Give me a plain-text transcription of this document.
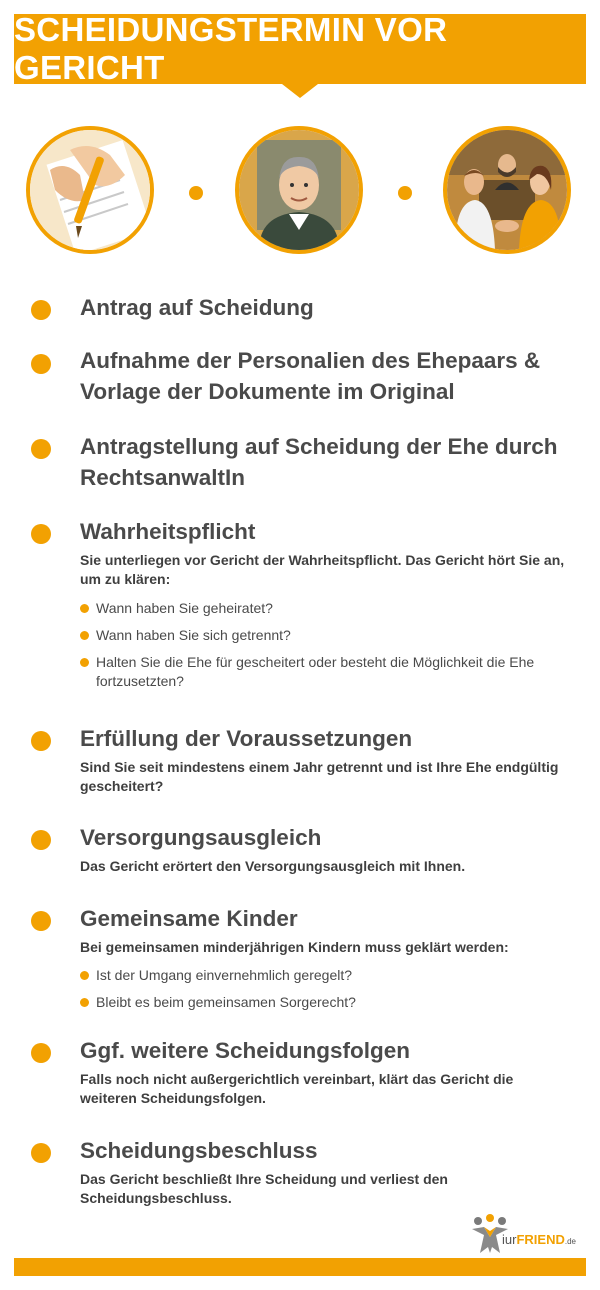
SCHEIDUNGSTERMIN VOR GERICHT
Antrag auf Scheidung
Aufnahme der Personalien des Ehepaars & Vorlage der Dokumente im Original
Antragstellung auf Scheidung der Ehe durch RechtsanwaltIn
Wahrheitspflicht
Sie unterliegen vor Gericht der Wahrheitspflicht. Das Gericht hört Sie an, um zu klären:
Wann haben Sie geheiratet?
Wann haben Sie sich getrennt?
Halten Sie die Ehe für gescheitert oder besteht die Möglichkeit die Ehe fortzusetzten?
Erfüllung der Voraussetzungen
Sind Sie seit mindestens einem Jahr getrennt und ist Ihre Ehe endgültig gescheitert?
Versorgungsausgleich
Das Gericht erörtert den Versorgungsausgleich mit Ihnen.
Gemeinsame Kinder
Bei gemeinsamen minderjährigen Kindern muss geklärt werden:
Ist der Umgang einvernehmlich geregelt?
Bleibt es beim gemeinsamen Sorgerecht?
Ggf. weitere Scheidungsfolgen
Falls noch nicht außergerichtlich vereinbart, klärt das Gericht die weiteren Scheidungsfolgen.
Scheidungsbeschluss
Das Gericht beschließt Ihre Scheidung und verliest den Scheidungsbeschluss.
iurFRIEND.de
